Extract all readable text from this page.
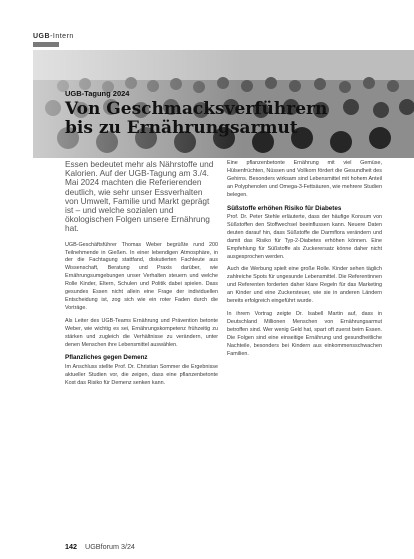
UGB-Intern
UGB-Tagung 2024
Von Geschmacksverführern
bis zu Ernährungsarmut

Essen bedeutet mehr als Nährstoffe und Kalorien. Auf der UGB-Tagung am 3./4. Mai 2024 machten die Referierenden deutlich, wie sehr unser Essverhalten von Umwelt, Familie und Markt geprägt ist – und welche sozialen und ökologischen Folgen unsere Ernährung hat.

UGB-Geschäftsführer Thomas Weber begrüßte rund 200 Teilnehmende in Gießen. In einer lebendigen Atmosphäre, in der die Fachtagung stattfand, diskutierten Fachleute aus Wissenschaft, Beratung und Praxis darüber, wie Ernährungsumgebungen unser Verhalten steuern und welche Rolle Kinder, Eltern, Schulen und Politik dabei spielen. Dass gesundes Essen nicht allein eine Frage der individuellen Entscheidung ist, zog sich wie ein roter Faden durch die Vorträge.

Als Leiter des UGB-Teams Ernährung und Prävention betonte Weber, wie wichtig es sei, Ernährungskompetenz frühzeitig zu stärken und zugleich die Verhältnisse zu verändern, unter denen Menschen ihre Lebensmittel auswählen.

Pflanzliches gegen Demenz

Im Anschluss stellte Prof. Dr. Christian Sommer die Ergebnisse aktueller Studien vor, die zeigen, dass eine pflanzenbetonte Kost das Risiko für Demenz senken kann.

Eine pflanzenbetonte Ernährung mit viel Gemüse, Hülsenfrüchten, Nüssen und Vollkorn fördert die Gesundheit des Gehirns. Besonders wirksam sind Lebensmittel mit hohem Anteil an Polyphenolen und Omega-3-Fettsäuren, wie mehrere Studien belegen.

Süßstoffe erhöhen Risiko für Diabetes

Prof. Dr. Peter Stehle erläuterte, dass der häufige Konsum von Süßstoffen den Stoffwechsel beeinflussen kann. Neuere Daten deuten darauf hin, dass Süßstoffe die Darmflora verändern und damit das Risiko für Typ-2-Diabetes erhöhen können. Eine Empfehlung für Süßstoffe als Zuckerersatz könne daher nicht ausgesprochen werden.

Auch die Werbung spielt eine große Rolle. Kinder sehen täglich zahlreiche Spots für ungesunde Lebensmittel. Die Referentinnen und Referenten forderten daher klare Regeln für das Marketing an Kinder und eine Zuckersteuer, wie sie in anderen Ländern bereits erfolgreich eingeführt wurde.

In ihrem Vortrag zeigte Dr. Isabell Martin auf, dass in Deutschland Millionen Menschen von Ernährungsarmut betroffen sind. Wer wenig Geld hat, spart oft zuerst beim Essen. Die Folgen sind eine einseitige Ernährung und gesundheitliche Nachteile, besonders bei Kindern aus einkommensschwachen Familien.

142 UGBforum 3/24
